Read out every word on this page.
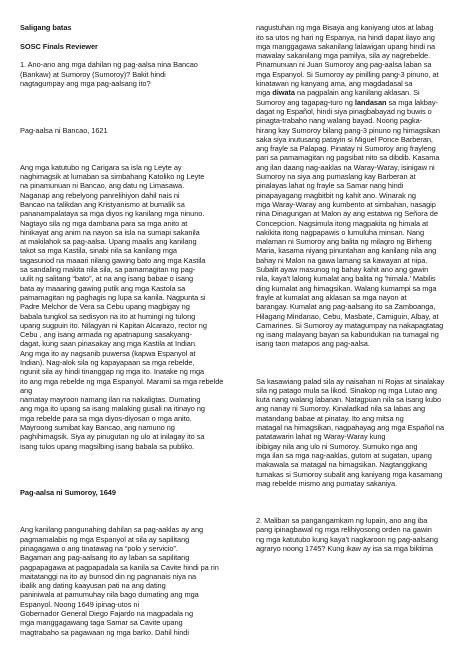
Saligang batas

SOSC Finals Reviewer

1. Ano-ano ang mga dahilan ng pag-aalsa nina Bancao
(Bankaw) at Sumoroy (Sumoroy)? Bakit hindi
nagtagumpay ang mga pag-aalsang ito?

Pag-aalsa ni Bancao, 1621

Ang mga katutubo ng Carigara sa isla ng Leyte ay
naghimagsik at lumaban sa simbahang Katoliko ng Leyte
na pinamunuan ni Bancao, ang datu ng Limasawa.
Naganap ang rebelyong panrelihiyon dahil nais ni
Bancao na talikdan ang Kristyanismo at bumalik sa
pananampalataya sa mga diyos ng kanilang mga ninuno.
Nagtayo sila ng mga dambana para sa mga anito at
hinikayat ang anim na nayon sa isla na sumapi sakanila
at makilahok sa pag-aalsa. Upang maalis ang kanilang
takot sa mga Kastila, sinabi nila sa kanilang mga
tagasunod na maaari nilang gawing bato ang mga Kastila
sa sandaling makita nila sila, sa pamamagitan ng pag-
uulit ng salitang “bato”, at na ang isang babae o isang
bata ay maaaring gawing putik ang mga Kastola sa
pamamagitan ng paghagis ng lupa sa kanila. Nagpunta si
Padre Melchor de Vera sa Cebu upang magbigay ng
babala tungkol sa sedisyon na ito at humingi ng tulong
upang sugpuin ito. Nilagyan ni Kapitan Alcarazo, rector ng
Cebu , ang isang armada ng apatnapung sasakyang-
dagat, kung saan pinasakay ang mga Kastila at Indian.
Ang mga ito ay nagsanib puwersa (kapwa Espanyol at
Indian). Nag-alok sila ng kapayapaan sa mga rebelde,
ngunit sila ay hindi tinanggap ng mga ito. Inatake ng mga
ito ang mga rebelde ng mga Espanyol. Marami sa mga rebelde ang
namatay mayroon namang ilan na nakaligtas. Dumating
ang mga ito upang sa isang malaking gusali na itinayo ng
mga rebelde para sa mga diyos-diyosan o mga anito.
Mayroong sumibat kay Bancao, ang namuno ng
paghihimagsik. Siya ay pinugutan ng ulo at inilagay ito sa
isang tulos upang magsilbing isang babala sa publiko.

Pag-aalsa ni Sumoroy, 1649

Ang kanilang pangunahing dahilan sa pag-aaklas ay ang
pagmamalabis ng mga Espanyol at sila ay sapilitang
pinagagawa o ang tinatawag na “polo y servicio”.
Bagaman ang pag-aalsang ito ay laban sa sapilitang
pagpapagawa at pagpapadala sa kanila sa Cavite hindi pa rin
maitatanggi na ito ay bunsod din ng pagnanais niya na
ibalik ang dating kaayusan pati na ang dating
paniniwala at pamumuhay nila bago dumating ang mga
Espanyol. Noong 1649 ipinag-utos ni
Gobernador General Diego Fajardo na magpadala ng
mga manggagawang taga Samar sa Cavite upang
magtrabaho sa pagawaan ng mga barko. Dahil hindi

nagustuhan ng mga Bisaya ang kaniyang utos at labag
ito sa utos ng hari ng Espanya, na hindi dapat ilayo ang
mga manggagawa sakanilang lalawigan upang hindi na
mawalay sakanilang mga pamilya, sila ay nagrebelde.
Pinamunuan ni Juan Sumoroy ang pag-aalsa laban sa
mga Espanyol. Si Sumoroy ay pinilling pang-3 pinuno, at
kinatawan ng kanyang ama, ang magdadasal sa
mga diwata na pagpalain ang kanilang aklasan. Si
Sumoroy ang tagapag-turo ng landasan sa mga lakbay-
dagat ng Español, hindi siya pinagbabayad ng buwis o
pinagta-trabaho nang walang bayad. Noong pagka-
hirang kay Sumoroy bilang pang-3 pinuno ng himagsikan
saka siya inutusang patayin si Miguel Ponce Barberan,
ang frayle sa Palapag. Pinatay ni Sumoroy ang frayleng
pari sa pamamagitan ng pagsibat nito sa dibdib. Kasama
ang ilan daang nag-aaklas na Waray-Waray, isinigaw ni
Sumoroy na siya ang pumaslang kay Barberan at
pinalayas lahat ng frayle sa Samar nang hindi
pinapayagang magbitbit ng kahit ano. Winarak ng
mga Waray-Waray ang kumbento at simbahan, nasagip
nina Dinagungan at Malon ay ang estatwa ng Señora de
Concepcion. Nagsimula itong magpakita ng himala at
nakikita itong nagpapawis o lumuluha minsan. Nang
malaman ni Sumoroy ang balita ng milagro ng Birheng
Maria, kasama niyang pinuntahan ang kanilang nila ang
bahay ni Malon na gawa lamang sa kawayan at nipa.
Subalit ayaw masunog ng bahay kahit ano ang gawin
nila, kaya't lalong kumalat ang balita ng 'himala.' Mabilis
ding kumalat ang himagsikan. Walang kumampi sa mga
frayle at kumalat ang aklasan sa mga nayon at
barangay. Kumalat ang pag-aalsang ito sa Zamboanga,
Hilagang Mindanao, Cebu, Masbate, Camiguin, Albay, at
Camarines. Si Sumoroy ay matagumpay na nakapagtatag
ng isang malayang bayan sa kabundukan na tumagal ng
isang taon matapos ang pag-aalsa.

Sa kasawiang palad sila ay naisahan ni Rojas at sinalakay
sila ng patago mula sa likod. Sinakop ng mga Lutao ang
kuta nang walang labanan. Natagpuan nila sa isang kubo
ang nanay ni Sumoroy. Kinaladkad nila sa labas ang
matandang babae at pinatay. Ito ang mitsa ng
matagal na himagsikan, nagpahayag ang mga Español na
patatawarin lahat ng Waray-Waray kung
ibibigay nila ang ulo ni Sumoroy. Sumuko nga ang
mga ilan sa mga nag-aaklas, gutom at sugatan, upang
makawala sa matagal na himagsikan. Nagtanggkang
tumakas si Sumoroy subalit ang kaniyang mga kasamang
mag rebelde mismo ang pumatay sakaniya.

2. Maliban sa pangangamkam ng lupain, ano ang iba
pang ipinagbawal ng mga relihiyosong orden na gawin
ng mga katutubo kung kaya’t nagkaroon ng pag-aalsang
agraryo noong 1745? Kung ikaw ay isa sa mga biktima
